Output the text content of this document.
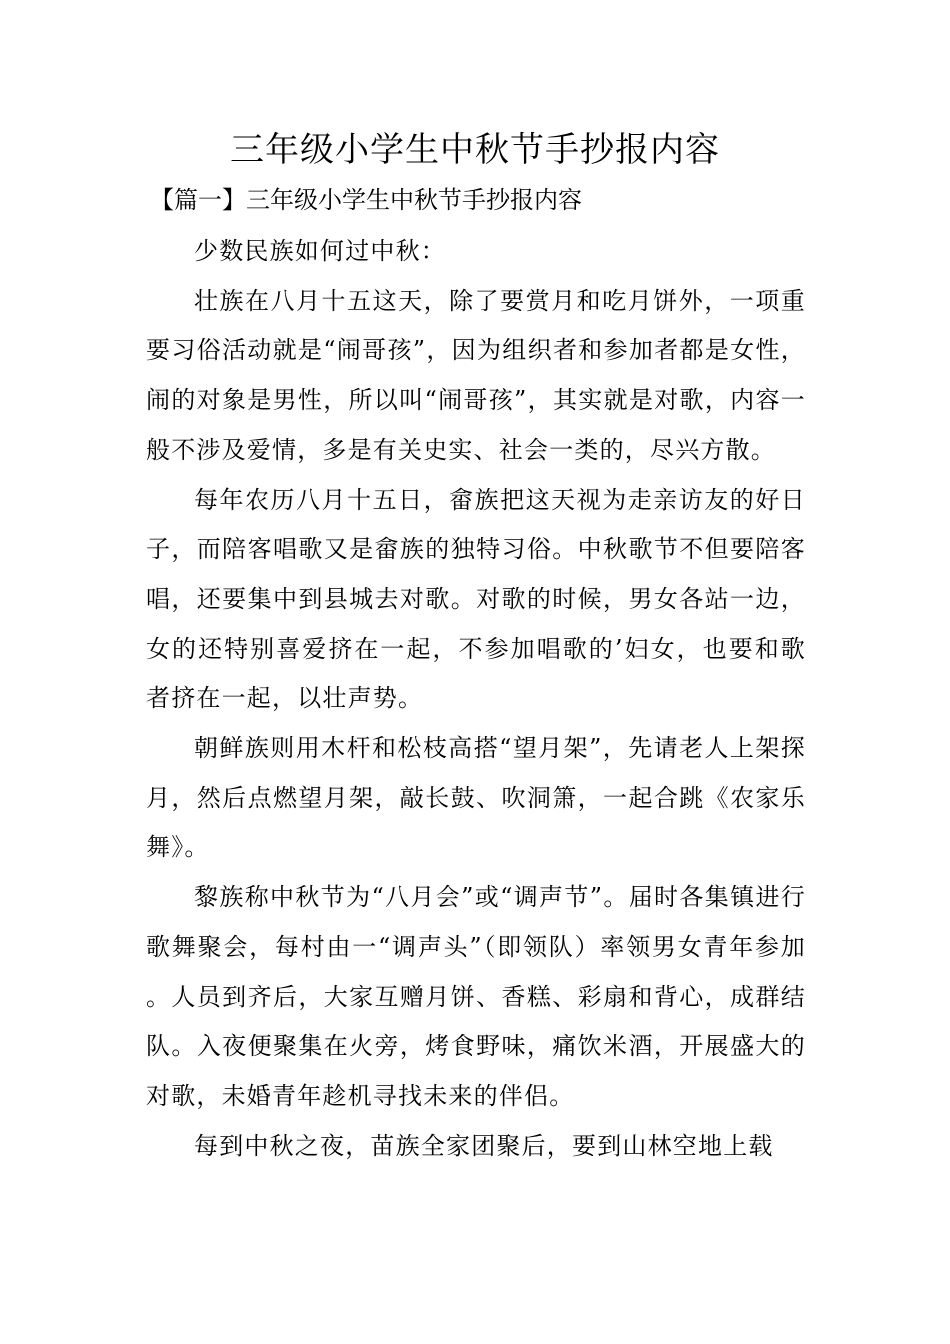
三年级小学生中秋节手抄报内容

【篇一】三年级小学生中秋节手抄报内容

少数民族如何过中秋：

壮族在八月十五这天，除了要赏月和吃月饼外，一项重要习俗活动就是“闹哥孩”，因为组织者和参加者都是女性，闹的对象是男性，所以叫“闹哥孩”，其实就是对歌，内容一般不涉及爱情，多是有关史实、社会一类的，尽兴方散。

每年农历八月十五日，畲族把这天视为走亲访友的好日子，而陪客唱歌又是畲族的独特习俗。中秋歌节不但要陪客唱，还要集中到县城去对歌。对歌的时候，男女各站一边，女的还特别喜爱挤在一起，不参加唱歌的’妇女，也要和歌者挤在一起，以壮声势。

朝鲜族则用木杆和松枝高搭“望月架”，先请老人上架探月，然后点燃望月架，敲长鼓、吹洞箫，一起合跳《农家乐舞》。

黎族称中秋节为“八月会”或“调声节”。届时各集镇进行歌舞聚会，每村由一“调声头”（即领队）率领男女青年参加。人员到齐后，大家互赠月饼、香糕、彩扇和背心，成群结队。入夜便聚集在火旁，烤食野味，痛饮米酒，开展盛大的对歌，未婚青年趁机寻找未来的伴侣。

每到中秋之夜，苗族全家团聚后，要到山林空地上载
